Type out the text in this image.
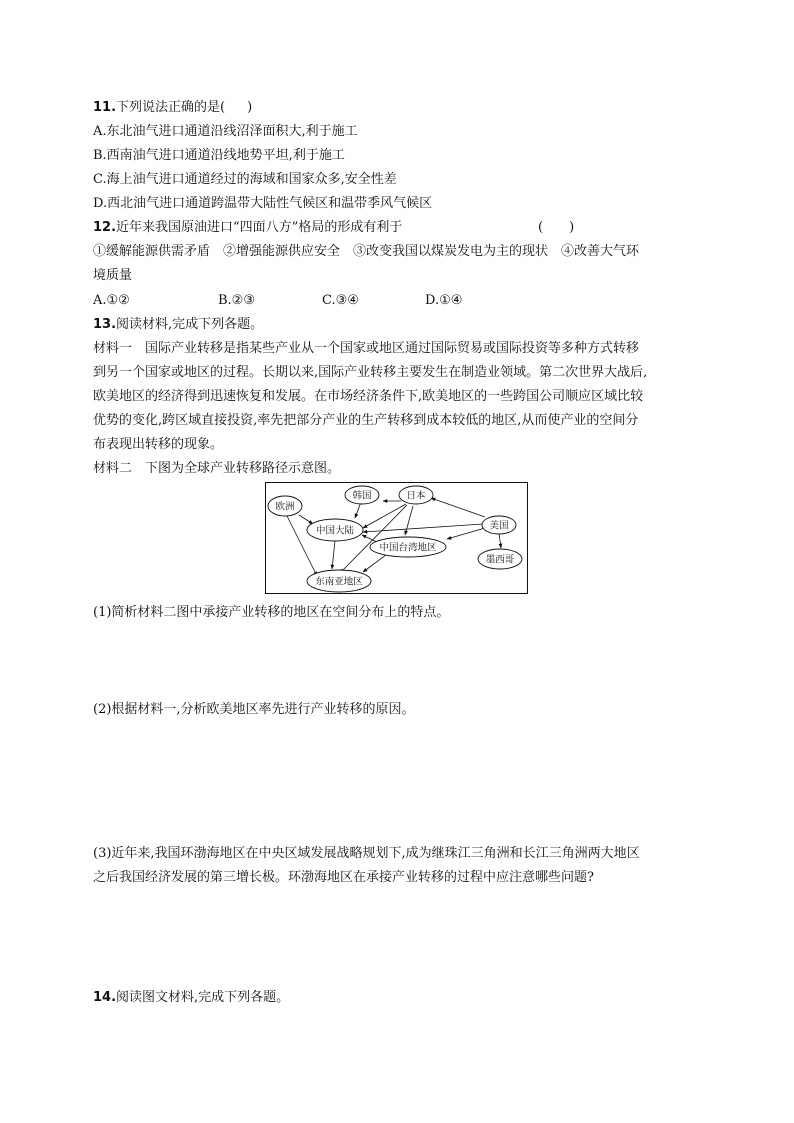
11.下列说法正确的是( )
A.东北油气进口通道沿线沼泽面积大,利于施工
B.西南油气进口通道沿线地势平坦,利于施工
C.海上油气进口通道经过的海域和国家众多,安全性差
D.西北油气进口通道跨温带大陆性气候区和温带季风气候区
12.近年来我国原油进口“四面八方”格局的形成有利于	(　　)
①缓解能源供需矛盾　②增强能源供应安全　③改变我国以煤炭发电为主的现状　④改善大气环
境质量
A.①②	B.②③	C.③④	D.①④
13.阅读材料,完成下列各题。
材料一　国际产业转移是指某些产业从一个国家或地区通过国际贸易或国际投资等多种方式转移
到另一个国家或地区的过程。长期以来,国际产业转移主要发生在制造业领域。第二次世界大战后,
欧美地区的经济得到迅速恢复和发展。在市场经济条件下,欧美地区的一些跨国公司顺应区域比较
优势的变化,跨区域直接投资,率先把部分产业的生产转移到成本较低的地区,从而使产业的空间分
布表现出转移的现象。
材料二　下图为全球产业转移路径示意图。
欧洲
韩国	日本
美国
中国大陆
中国台湾地区
墨西哥
东南亚地区
(1)简析材料二图中承接产业转移的地区在空间分布上的特点。
(2)根据材料一,分析欧美地区率先进行产业转移的原因。
(3)近年来,我国环渤海地区在中央区域发展战略规划下,成为继珠江三角洲和长江三角洲两大地区
之后我国经济发展的第三增长极。环渤海地区在承接产业转移的过程中应注意哪些问题?
14.阅读图文材料,完成下列各题。
